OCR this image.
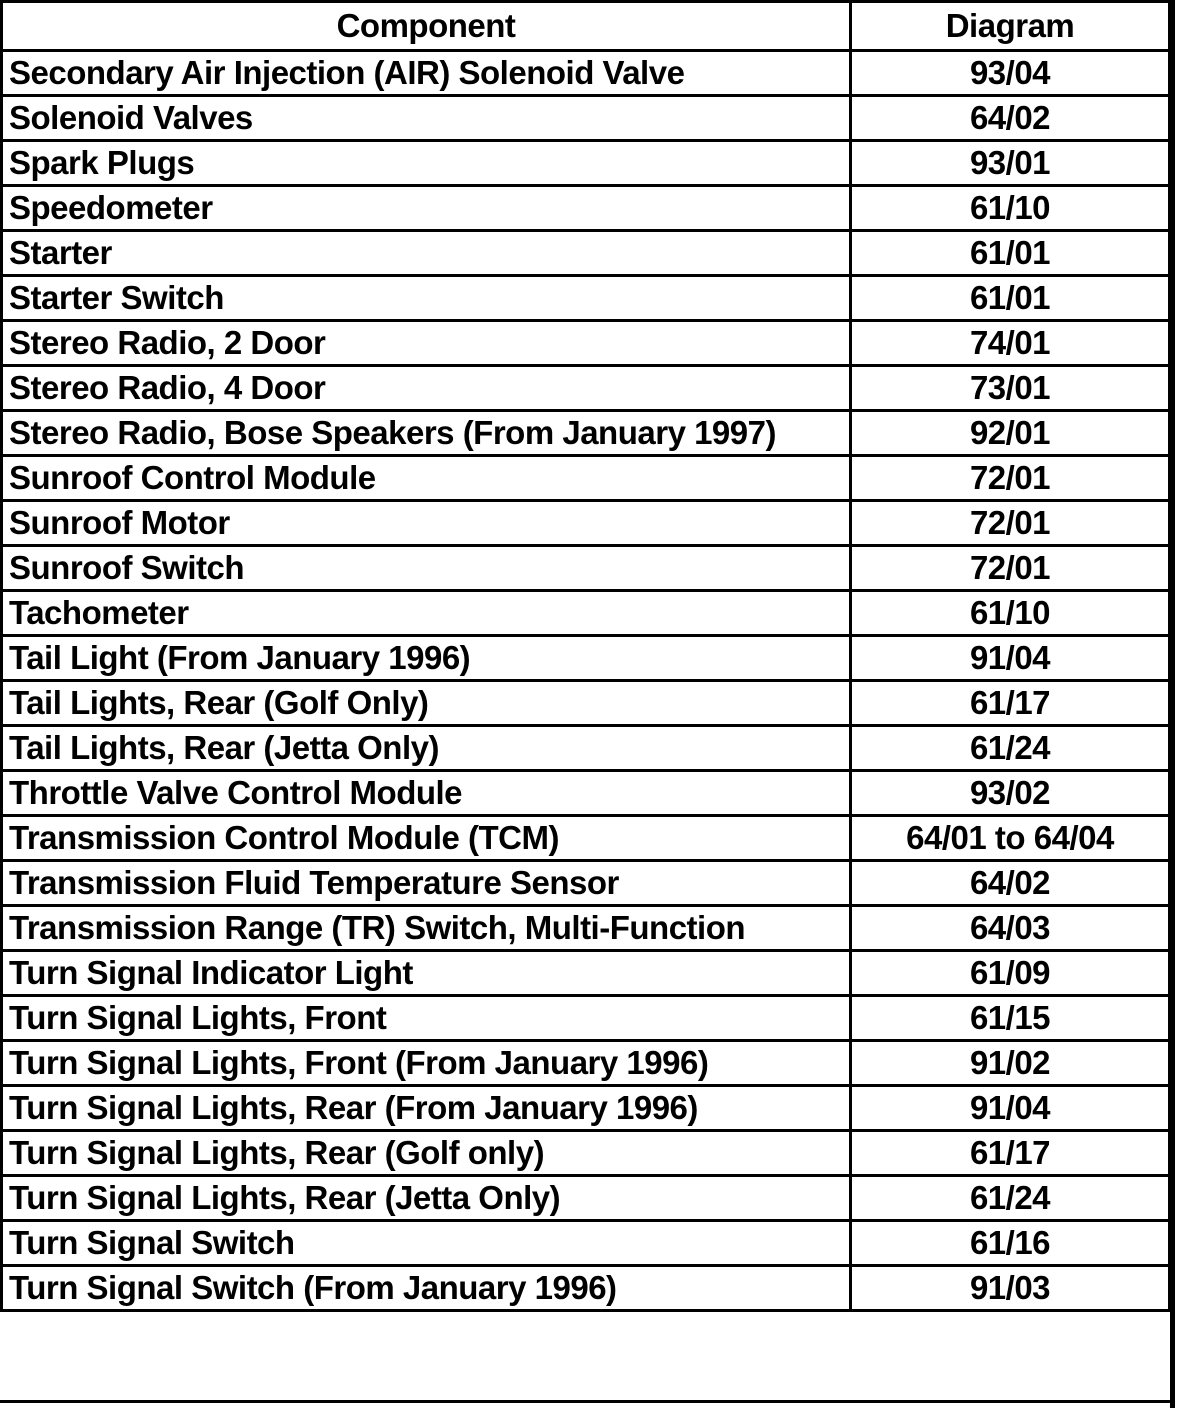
Component	Diagram
Secondary Air Injection (AIR) Solenoid Valve	93/04
Solenoid Valves	64/02
Spark Plugs	93/01
Speedometer	61/10
Starter	61/01
Starter Switch	61/01
Stereo Radio, 2 Door	74/01
Stereo Radio, 4 Door	73/01
Stereo Radio, Bose Speakers (From January 1997)	92/01
Sunroof Control Module	72/01
Sunroof Motor	72/01
Sunroof Switch	72/01
Tachometer	61/10
Tail Light (From January 1996)	91/04
Tail Lights, Rear (Golf Only)	61/17
Tail Lights, Rear (Jetta Only)	61/24
Throttle Valve Control Module	93/02
Transmission Control Module (TCM)	64/01 to 64/04
Transmission Fluid Temperature Sensor	64/02
Transmission Range (TR) Switch, Multi-Function	64/03
Turn Signal Indicator Light	61/09
Turn Signal Lights, Front	61/15
Turn Signal Lights, Front (From January 1996)	91/02
Turn Signal Lights, Rear (From January 1996)	91/04
Turn Signal Lights, Rear (Golf only)	61/17
Turn Signal Lights, Rear (Jetta Only)	61/24
Turn Signal Switch	61/16
Turn Signal Switch (From January 1996)	91/03
